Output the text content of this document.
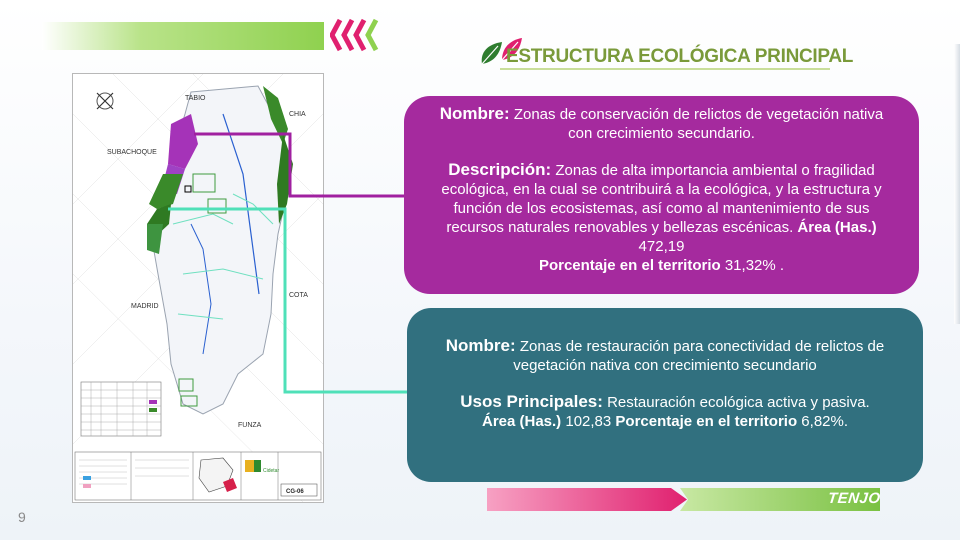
ESTRUCTURA ECOLÓGICA PRINCIPAL
TABIO
CHIA
SUBACHOQUE
MADRID
COTA
FUNZA
Cidetar
CG-06
Nombre: Zonas de conservación de relictos de vegetación nativa con crecimiento secundario.
Descripción: Zonas de alta importancia ambiental o fragilidad ecológica, en la cual se contribuirá a la ecológica, y la estructura y función de los ecosistemas, así como al mantenimiento de sus recursos naturales renovables y bellezas escénicas. Área (Has.) 472,19
Porcentaje en el territorio 31,32% .
Nombre: Zonas de restauración para conectividad de relictos de vegetación nativa con crecimiento secundario
Usos Principales: Restauración ecológica activa y pasiva.
Área (Has.) 102,83 Porcentaje en el territorio 6,82%.
TENJO
9
